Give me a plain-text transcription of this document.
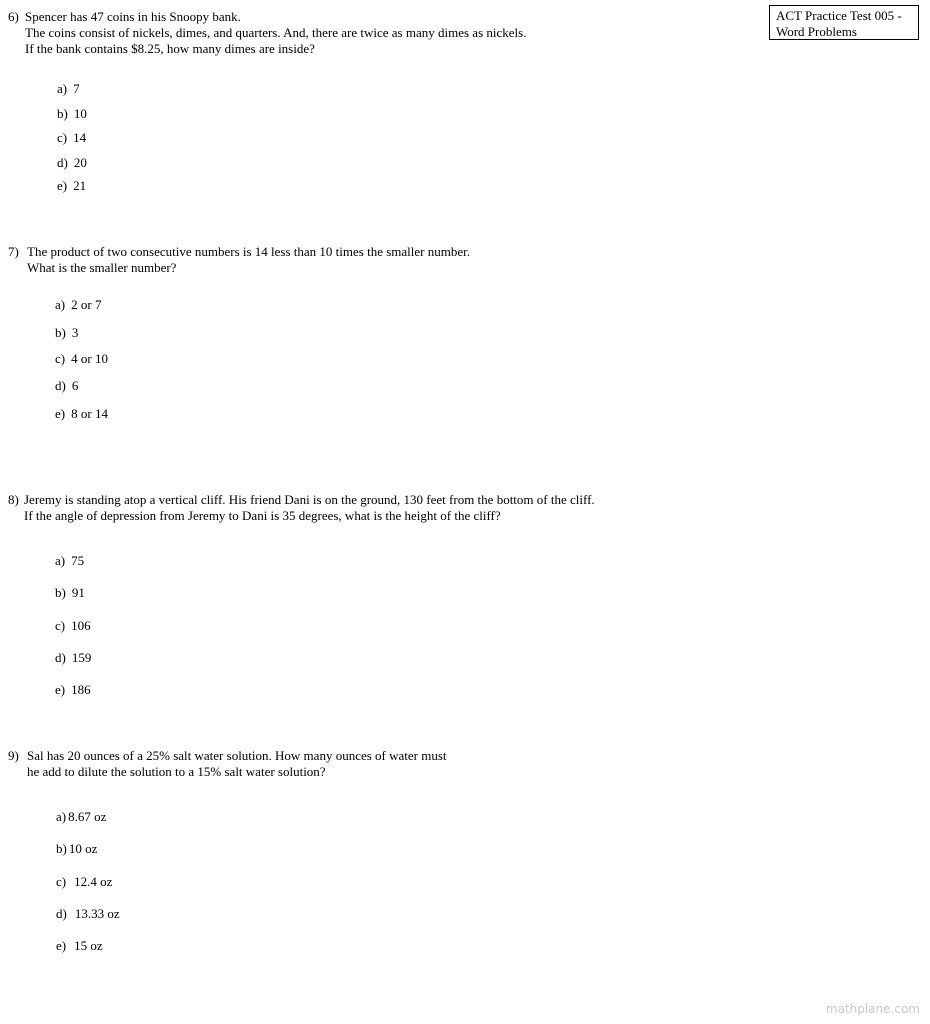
ACT Practice Test 005 -
Word Problems
6) Spencer has 47 coins in his Snoopy bank.
The coins consist of nickels, dimes, and quarters. And, there are twice as many dimes as nickels.
If the bank contains $8.25, how many dimes are inside?
a) 7
b) 10
c) 14
d) 20
e)21
7) The product of two consecutive numbers is 14 less than 10 times the smaller number.
What is the smaller number?
a) 2 or 7
b) 3
c) 4 or 10
d) 6
e) 8 or 14
8) Jeremy is standing atop a vertical cliff. His friend Dani is on the ground, 130 feet from the bottom of the cliff.
If the angle of depression from Jeremy to Dani is 35 degrees, what is the height of the cliff?
a) 75
b) 91
c) 106
d) 159
e) 186
9) Sal has 20 ounces of a 25% salt water solution. How many ounces of water must
he add to dilute the solution to a 15% salt water solution?
a) 8.67 oz
b) 10 oz
c) 12.4 oz
d) 13.33 oz
e) 15 oz
mathplane.com
